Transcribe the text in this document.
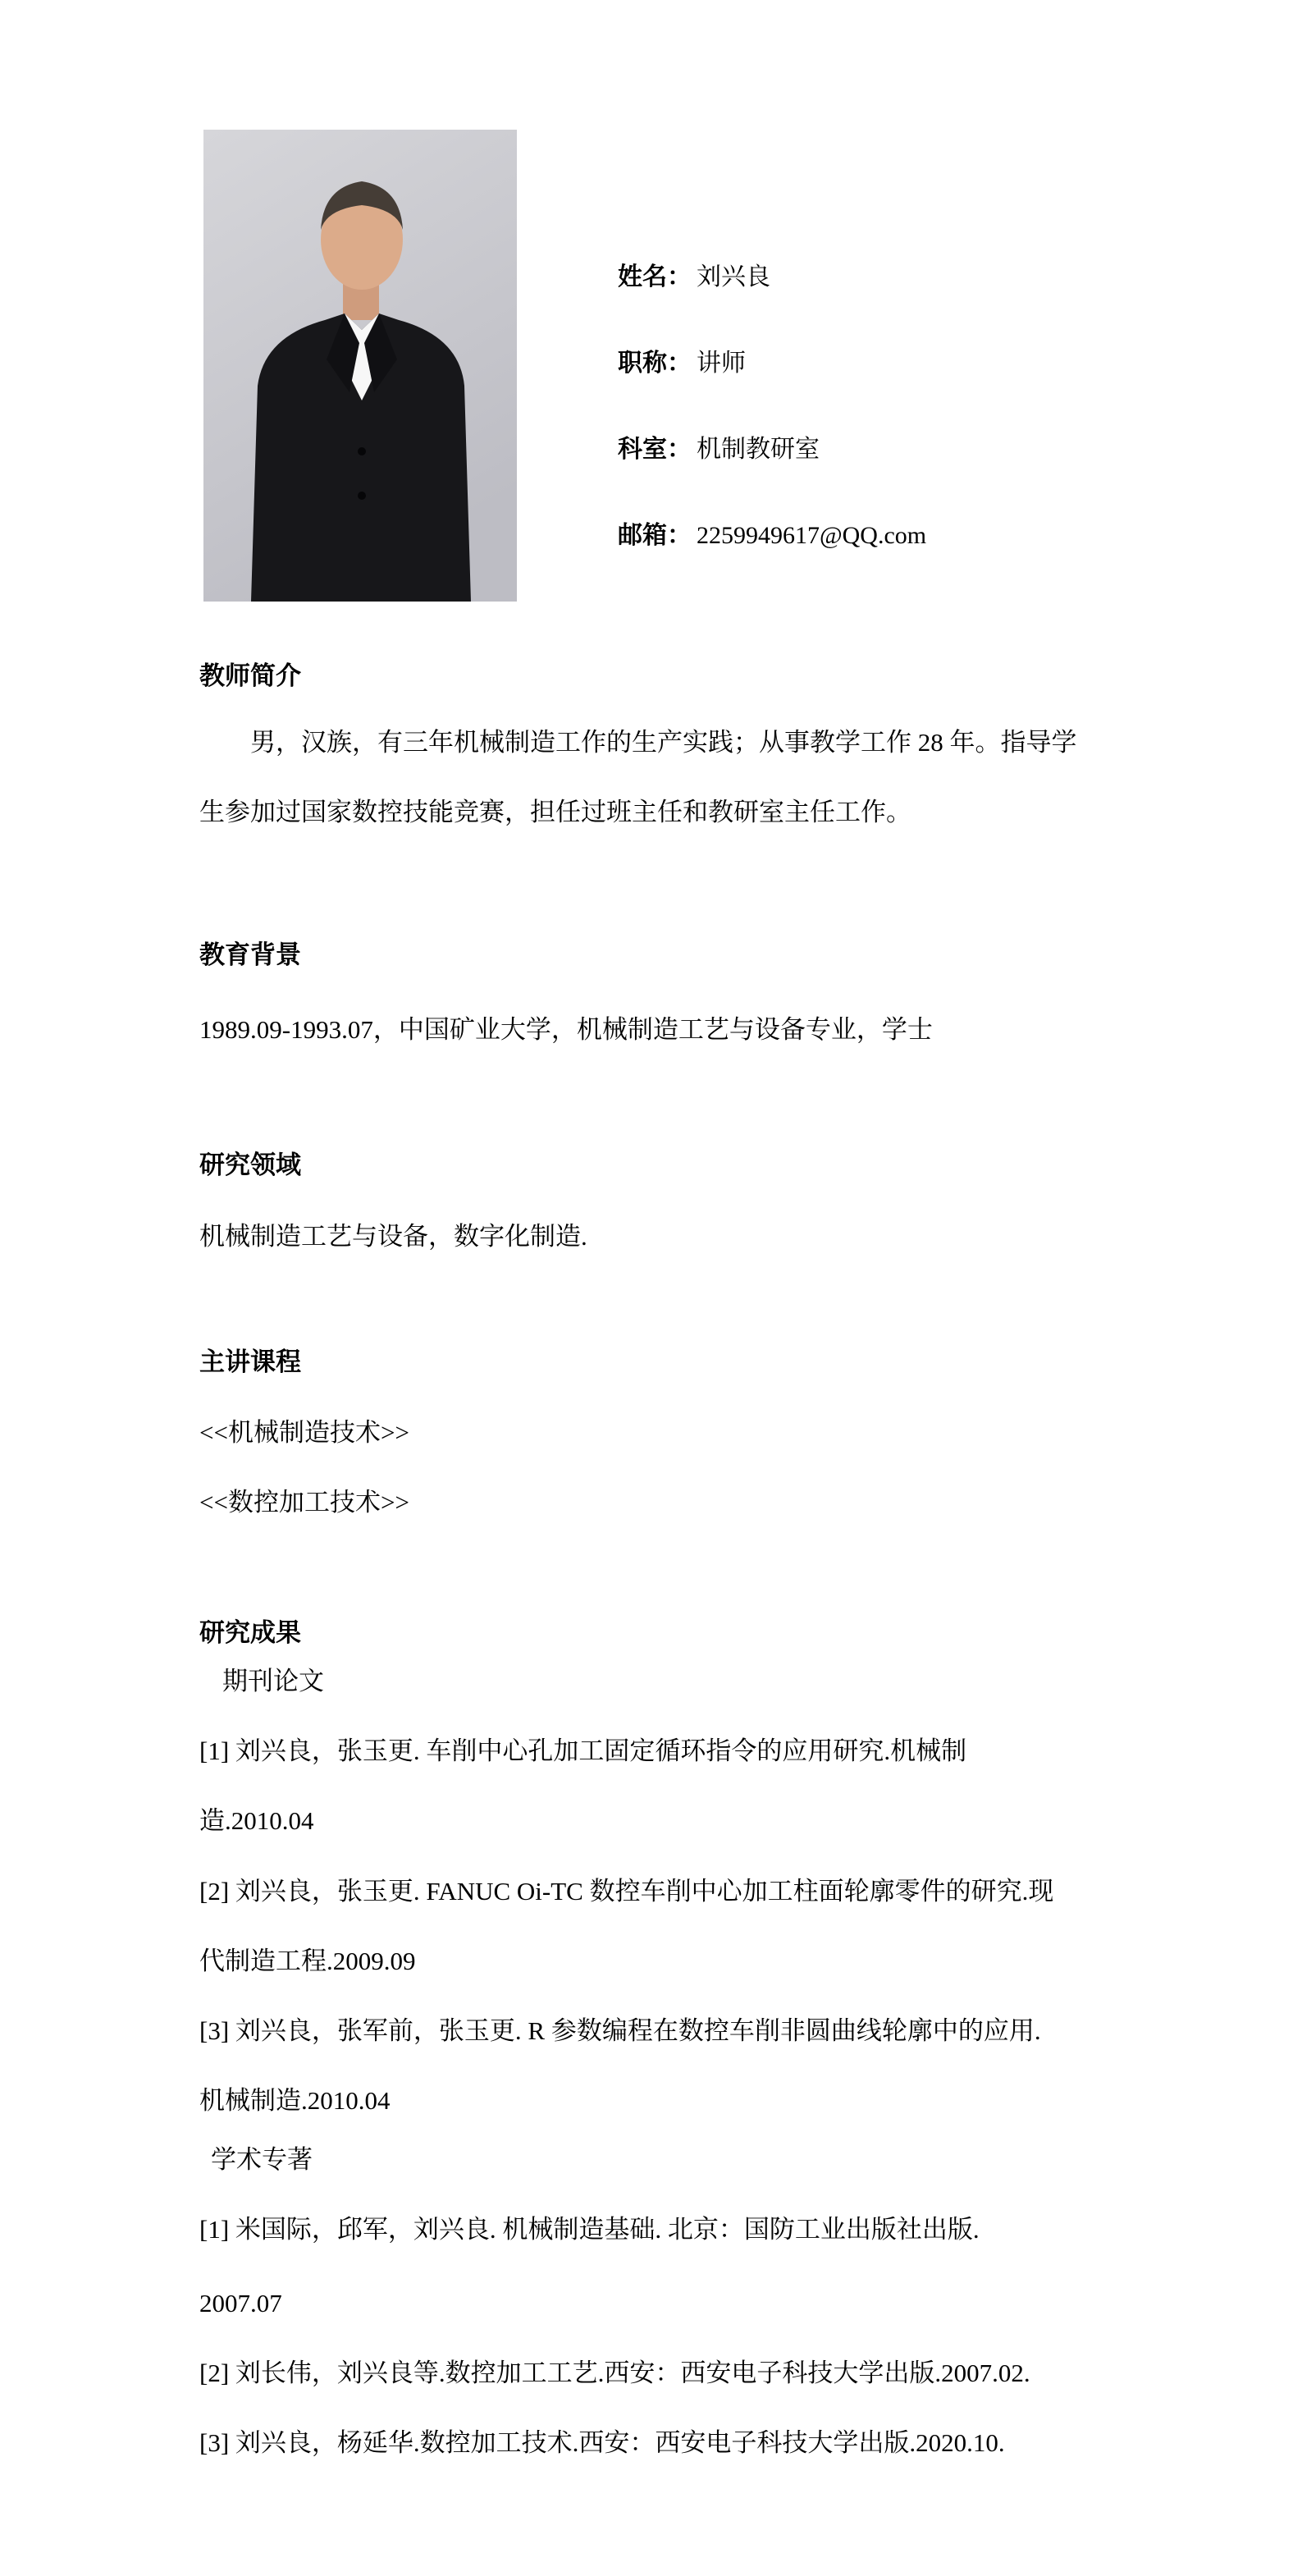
姓名： 刘兴良
职称： 讲师
科室： 机制教研室
邮箱： 2259949617@QQ.com
教师简介
男，汉族，有三年机械制造工作的生产实践；从事教学工作 28 年。指导学
生参加过国家数控技能竞赛，担任过班主任和教研室主任工作。
教育背景
1989.09-1993.07，中国矿业大学，机械制造工艺与设备专业，学士
研究领域
机械制造工艺与设备，数字化制造.
主讲课程
<<机械制造技术>>
<<数控加工技术>>
研究成果
期刊论文
[1] 刘兴良，张玉更. 车削中心孔加工固定循环指令的应用研究.机械制
造.2010.04
[2] 刘兴良，张玉更. FANUC Oi-TC 数控车削中心加工柱面轮廓零件的研究.现
代制造工程.2009.09
[3] 刘兴良，张军前，张玉更. R 参数编程在数控车削非圆曲线轮廓中的应用.
机械制造.2010.04
学术专著
[1] 米国际，邱军，刘兴良. 机械制造基础. 北京：国防工业出版社出版.
2007.07
[2] 刘长伟，刘兴良等.数控加工工艺.西安：西安电子科技大学出版.2007.02.
[3] 刘兴良，杨延华.数控加工技术.西安：西安电子科技大学出版.2020.10.
